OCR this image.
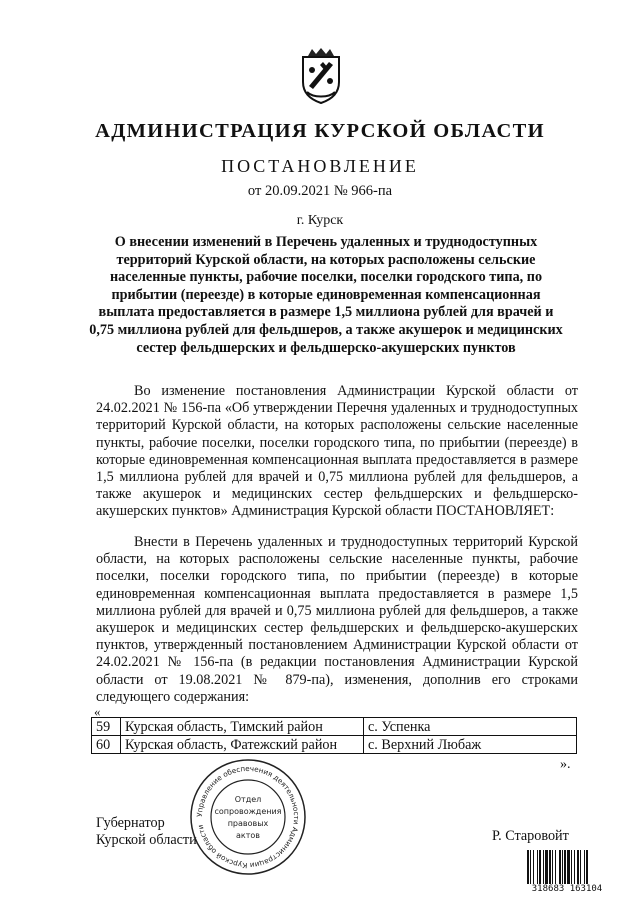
АДМИНИСТРАЦИЯ КУРСКОЙ ОБЛАСТИ
ПОСТАНОВЛЕНИЕ
от 20.09.2021 № 966-па
г. Курск
О внесении изменений в Перечень удаленных и труднодоступных территорий Курской области, на которых расположены сельские населенные пункты, рабочие поселки, поселки городского типа, по прибытии (переезде) в которые единовременная компенсационная выплата предоставляется в размере 1,5 миллиона рублей для врачей и 0,75 миллиона рублей для фельдшеров, а также акушерок и медицинских сестер фельдшерских и фельдшерско-акушерских пунктов
Во изменение постановления Администрации Курской области от 24.02.2021 № 156-па «Об утверждении Перечня удаленных и труднодоступных территорий Курской области, на которых расположены сельские населенные пункты, рабочие поселки, поселки городского типа, по прибытии (переезде) в которые единовременная компенсационная выплата предоставляется в размере 1,5 миллиона рублей для врачей и 0,75 миллиона рублей для фельдшеров, а также акушерок и медицинских сестер фельдшерских и фельдшерско-акушерских пунктов» Администрация Курской области ПОСТАНОВЛЯЕТ:
Внести в Перечень удаленных и труднодоступных территорий Курской области, на которых расположены сельские населенные пункты, рабочие поселки, поселки городского типа, по прибытии (переезде) в которые единовременная компенсационная выплата предоставляется в размере 1,5 миллиона рублей для врачей и 0,75 миллиона рублей для фельдшеров, а также акушерок и медицинских сестер фельдшерских и фельдшерско-акушерских пунктов, утвержденный постановлением Администрации Курской области от 24.02.2021 № 156-па (в редакции постановления Администрации Курской области от 19.08.2021 № 879-па), изменения, дополнив его строками следующего содержания:
«
59	Курская область, Тимский район	с. Успенка
60	Курская область, Фатежский район	с. Верхний Любаж
».
Губернатор
Курской области	Р. Старовойт
Управление обеспечения деятельности Администрации Курской области
Отдел
сопровождения
правовых
актов
318683 163104
